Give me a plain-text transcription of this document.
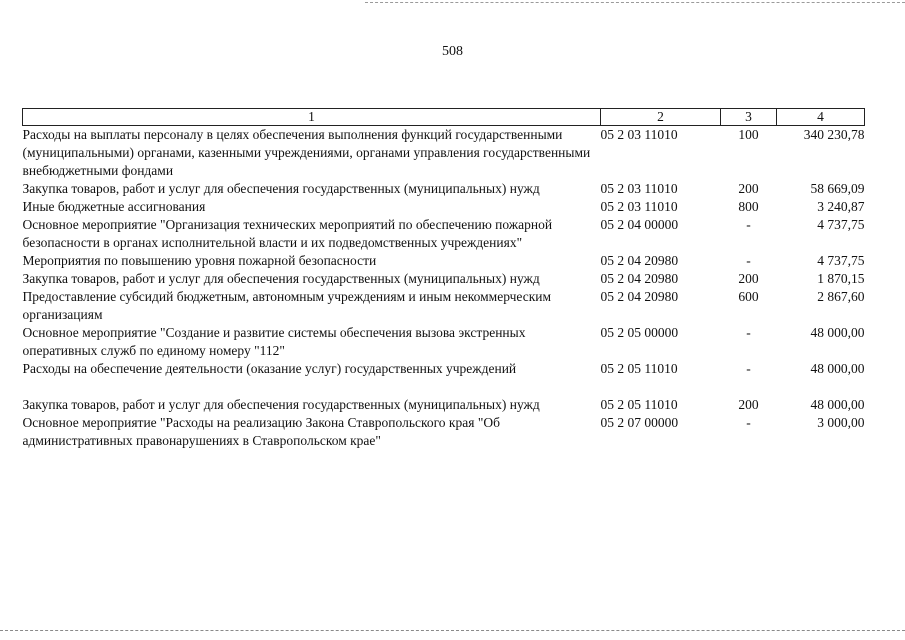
508
1	2	3	4
Расходы на выплаты персоналу в целях обеспечения выполнения функций государственными (муниципальными) органами, казенными учреждениями, органами управления государственными внебюджетными фондами	05 2 03 11010	100	340 230,78
Закупка товаров, работ и услуг для обеспечения государственных (муниципальных) нужд	05 2 03 11010	200	58 669,09
Иные бюджетные ассигнования	05 2 03 11010	800	3 240,87
Основное мероприятие "Организация технических мероприятий по обеспечению пожарной безопасности в органах исполнительной власти и их подведомственных учреждениях"	05 2 04 00000	-	4 737,75
Мероприятия по повышению уровня пожарной безопасности	05 2 04 20980	-	4 737,75
Закупка товаров, работ и услуг для обеспечения государственных (муниципальных) нужд	05 2 04 20980	200	1 870,15
Предоставление субсидий бюджетным, автономным учреждениям и иным некоммерческим организациям	05 2 04 20980	600	2 867,60
Основное мероприятие "Создание и развитие системы обеспечения вызова экстренных оперативных служб по единому номеру "112"	05 2 05 00000	-	48 000,00
Расходы на обеспечение деятельности (оказание услуг) государственных учреждений	05 2 05 11010	-	48 000,00
Закупка товаров, работ и услуг для обеспечения государственных (муниципальных) нужд	05 2 05 11010	200	48 000,00
Основное мероприятие "Расходы на реализацию Закона Ставропольского края "Об административных правонарушениях в Ставропольском крае"	05 2 07 00000	-	3 000,00
